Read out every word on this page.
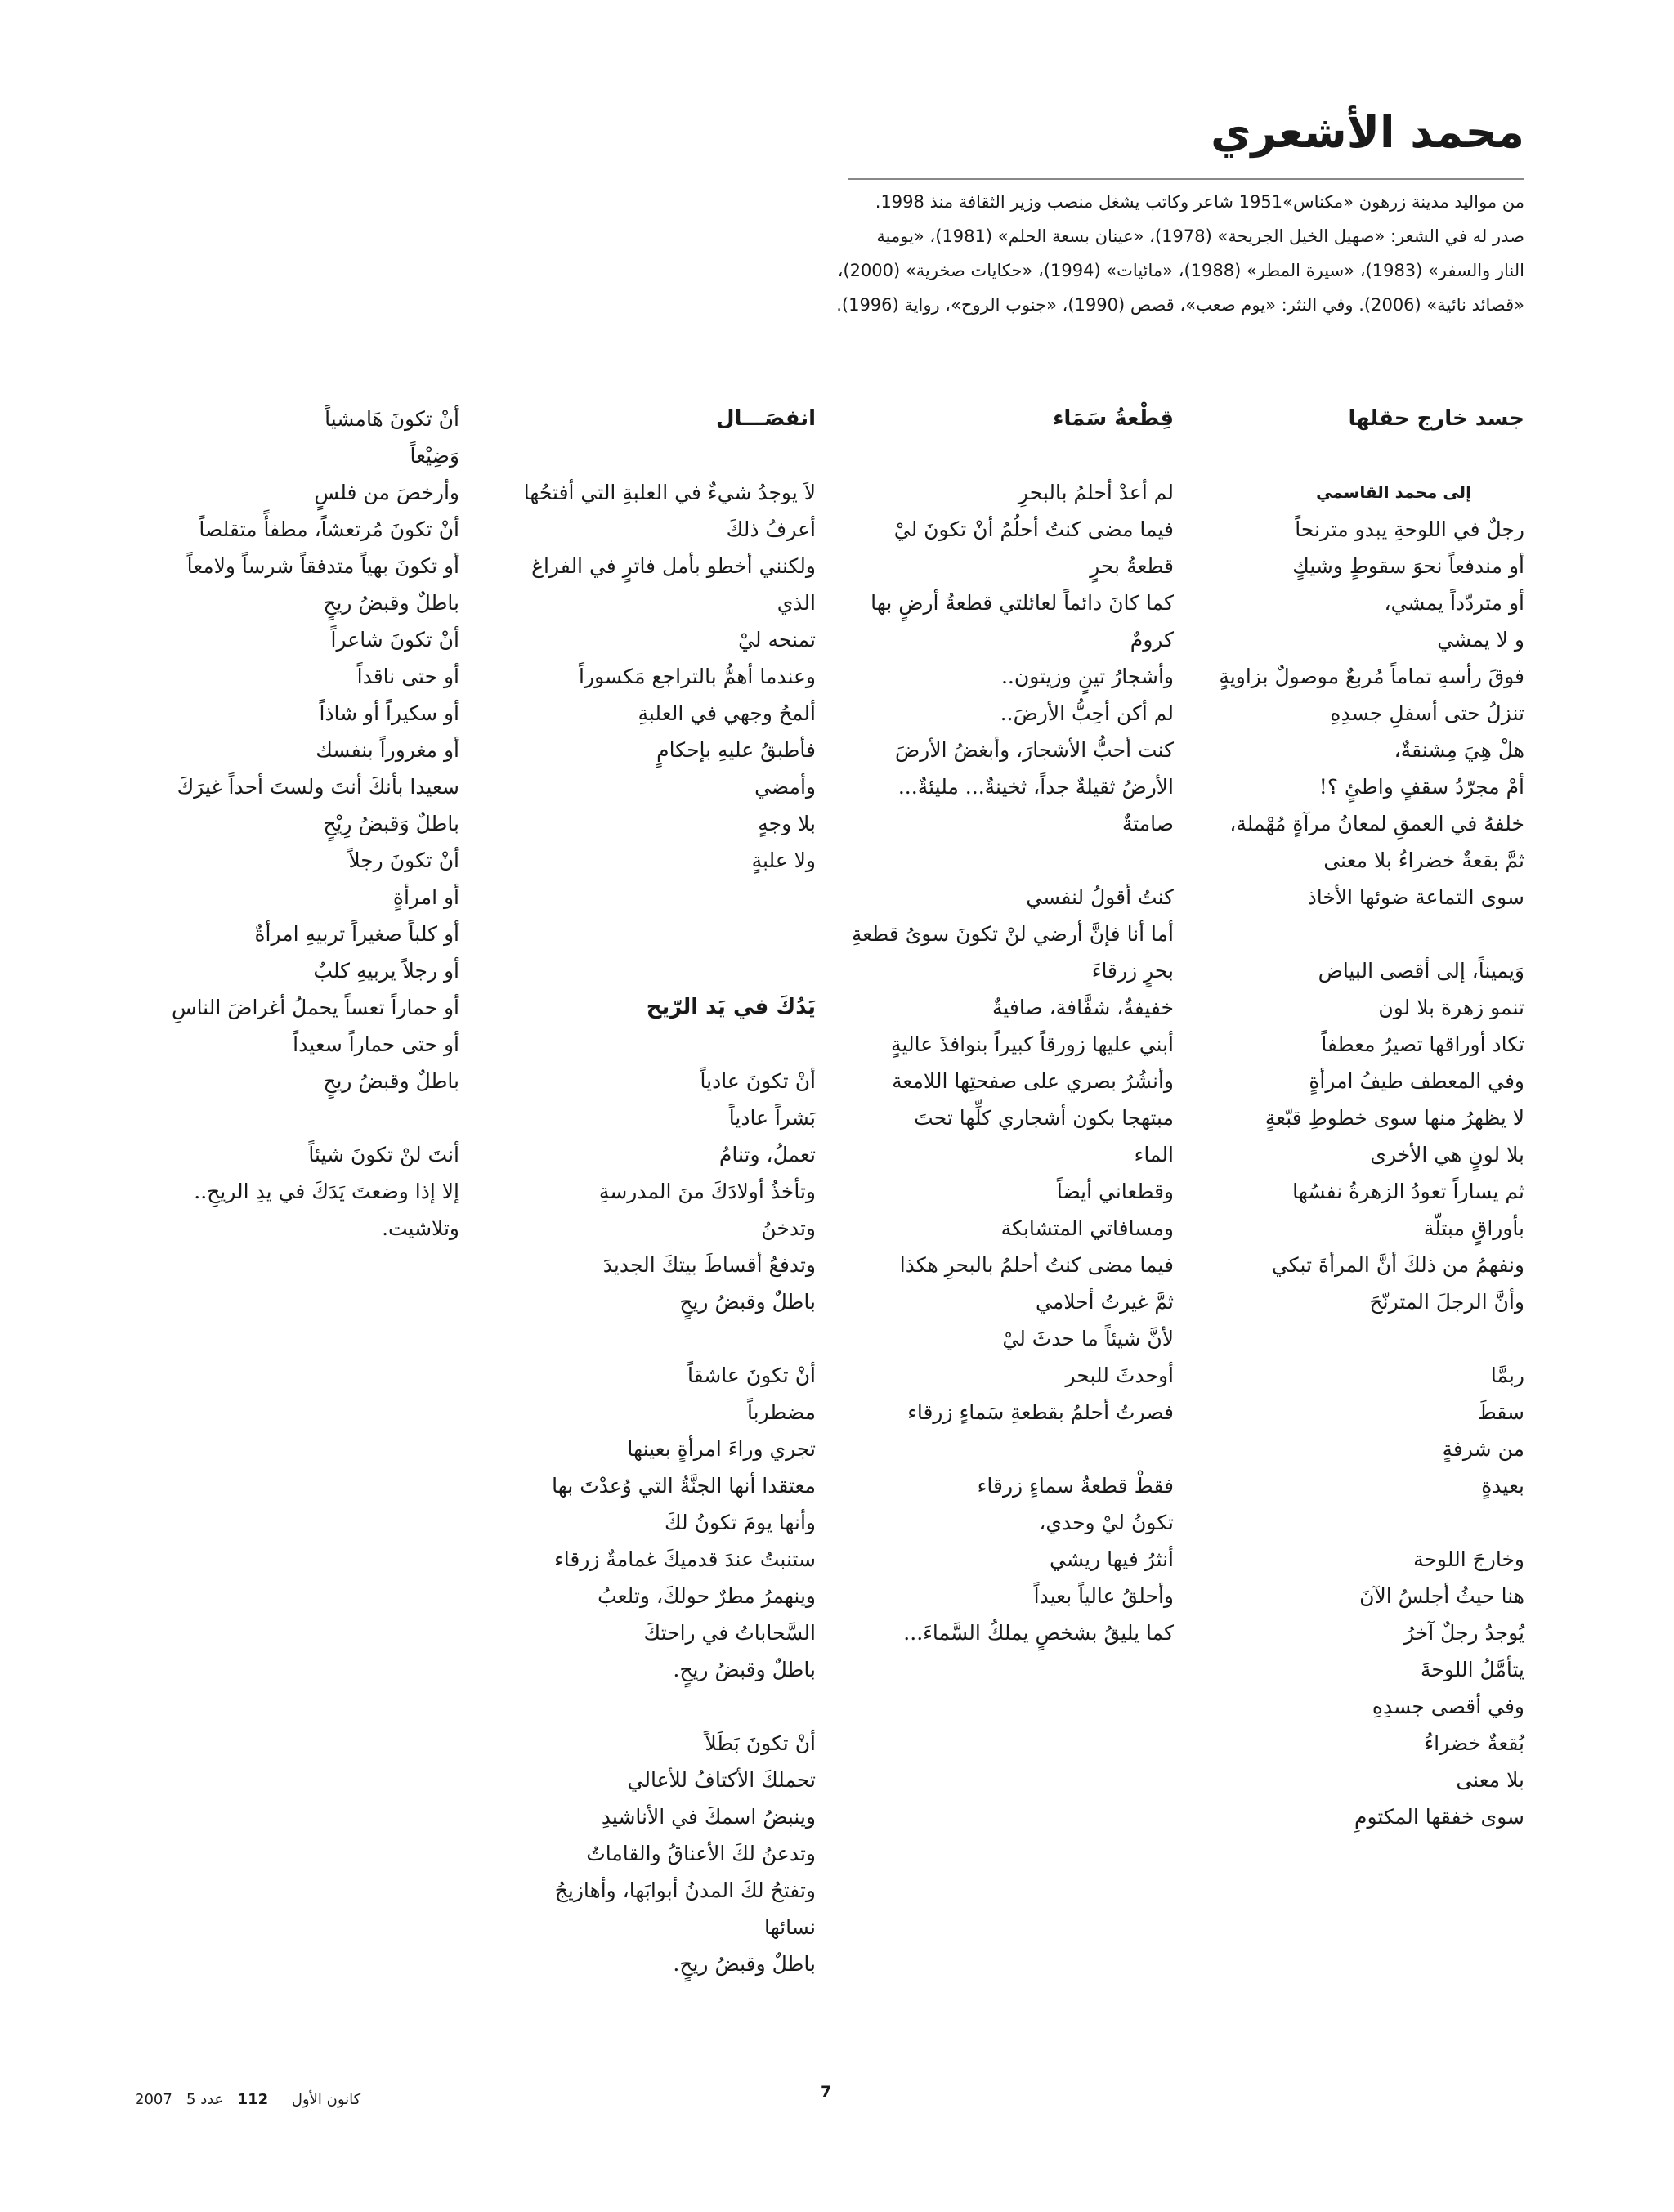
محمد الأشعري
من مواليد مدينة زرهون «مكناس»1951 شاعر وكاتب يشغل منصب وزير الثقافة منذ 1998.
صدر له في الشعر: «صهيل الخيل الجريحة» (1978)، «عينان بسعة الحلم» (1981)، «يومية
النار والسفر» (1983)، «سيرة المطر» (1988)، «مائيات» (1994)، «حكايات صخرية» (2000)،
«قصائد نائية» (2006). وفي النثر: «يوم صعب»، قصص (1990)، «جنوب الروح»، رواية (1996).
جسد خارج حقلها
إلى محمد القاسمي
رجلٌ في اللوحةِ يبدو مترنحاً
أو مندفعاً نحوَ سقوطٍ وشيكٍ
أو متردّداً يمشي،
و لا يمشي
فوقَ رأسهِ تماماً مُربعٌ موصولٌ بزاويةٍ
تنزلُ حتى أسفلِ جسدِهِ
هلْ هِيَ مِشنقةٌ،
أمْ مجرّدُ سقفٍ واطئٍ ؟!
خلفهُ في العمقِ لمعانُ مرآةٍ مُهْملة،
ثمَّ بقعةٌ خضراءُ بلا معنى
سوى التماعة ضوئها الأخاذ
وَيميناً، إلى أقصى البياض
تنمو زهرة بلا لون
تكاد أوراقها تصيرُ معطفاً
وفي المعطف طيفُ امرأةٍ
لا يظهرُ منها سوى خطوطِ قبّعةٍ
بلا لونٍ هي الأخرى
ثم يساراً تعودُ الزهرةُ نفسُها
بأوراقٍ مبتلّة
ونفهمُ من ذلكَ أنَّ المرأةَ تبكي
وأنَّ الرجلَ المترنّحَ
ربمَّا
سقطَ
من شرفةٍ
بعيدةٍ
وخارجَ اللوحة
هنا حيثُ أجلسُ الآنَ
يُوجدُ رجلٌ آخرُ
يتأمَّلُ اللوحةَ
وفي أقصى جسدِهِ
بُقعةٌ خضراءُ
بلا معنى
سوى خفقها المكتومِ
قِطْعةُ سَمَاء
لم أعدْ أحلمُ بالبحرِ
فيما مضى كنتُ أحلُمُ أنْ تكونَ ليْ
قطعةُ بحرٍ
كما كانَ دائماً لعائلتي قطعةُ أرضٍ بها
كرومٌ
وأشجارُ تينٍ وزيتون..
لم أكن أحِبُّ الأرضَ..
كنت أحبُّ الأشجارَ، وأبغضُ الأرضَ
الأرضُ ثقيلةٌ جداً، ثخينةٌ... مليئةٌ...
صامتةٌ
كنتُ أقولُ لنفسي
أما أنا فإنَّ أرضي لنْ تكونَ سوىُ قطعةِ
بحرٍ زرقاءَ
خفيفةٌ، شفَّافة، صافيةٌ
أبني عليها زورقاً كبيراً بنوافذَ عاليةٍ
وأنشُرُ بصري على صفحتِها اللامعة
مبتهجا بكون أشجاري كلِّها تحتَ
الماء
وقطعاني أيضاً
ومسافاتي المتشابكة
فيما مضى كنتُ أحلمُ بالبحرِ هكذا
ثمَّ غيرتُ أحلامي
لأنَّ شيئاً ما حدثَ ليْ
أوحدثَ للبحر
فصرتُ أحلمُ بقطعةِ سَماءٍ زرقاء
فقطْ قطعةُ سماءٍ زرقاء
تكونُ ليْ وحدي،
أنثرُ فيها ريشي
وأحلقُ عالياً بعيداً
كما يليقُ بشخصٍ يملكُ السَّماءَ...
انفصَـــال
لاَ يوجدُ شيءٌ في العلبةِ التي أفتحُها
أعرفُ ذلكَ
ولكنني أخطو بأمل فاترٍ في الفراغ
الذي
تمنحه ليْ
وعندما أهمُّ بالتراجع مَكسوراً
ألمحُ وجهي في العلبةِ
فأطبقُ عليهِ بإحكامٍ
وأمضي
بلا وجهٍ
ولا علبةٍ
يَدُكَ في يَد الرّيح
أنْ تكونَ عادياً
بَشراً عادياً
تعملُ، وتنامُ
وتأخذُ أولادَكَ منَ المدرسةِ
وتدخنُ
وتدفعُ أقساطَ بيتكَ الجديدَ
باطلٌ وقبضُ ريحٍ
أنْ تكونَ عاشقاً
مضطرباً
تجري وراءَ امرأةٍ بعينها
معتقدا أنها الجنَّةُ التي وُعدْتَ بها
وأنها يومَ تكونُ لكَ
ستنبتُ عندَ قدميكَ غمامةٌ زرقاء
وينهمرُ مطرٌ حولكَ، وتلعبُ
السَّحاباتُ في راحتكَ
باطلٌ وقبضُ ريحٍ.
أنْ تكونَ بَطَلاً
تحملكَ الأكتافُ للأعالي
وينبضُ اسمكَ في الأناشيدِ
وتدعنُ لكَ الأعناقُ والقاماتُ
وتفتحُ لكَ المدنُ أبوابَها، وأهازيجُ
نسائها
باطلٌ وقبضُ ريحٍ.
أنْ تكونَ هَامشياً
وَضِيْعاً
وأرخصَ من فلسٍ
أنْ تكونَ مُرتعشاً، مطفأً متقلصاً
أو تكونَ بهياً متدفقاً شرساً ولامعاً
باطلٌ وقبضُ ريحٍ
أنْ تكونَ شاعراً
أو حتى ناقداً
أو سكيراً أو شاذاً
أو مغروراً بنفسك
سعيدا بأنكَ أنتَ ولستَ أحداً غيرَكَ
باطلٌ وَقبضُ رِيْحٍ
أنْ تكونَ رجلاً
أو امرأةٍ
أو كلباً صغيراً تربيهِ امرأةٌ
أو رجلاً يربيهِ كلبٌ
أو حماراً تعساً يحملُ أغراضَ الناسِ
أو حتى حماراً سعيداً
باطلٌ وقبضُ ريحٍ
أنتَ لنْ تكونَ شيئاً
إلا إذا وضعتَ يَدَكَ في يدِ الريحِ..
وتلاشيت.
2007 5 كانون الأول     112   عدد	7
